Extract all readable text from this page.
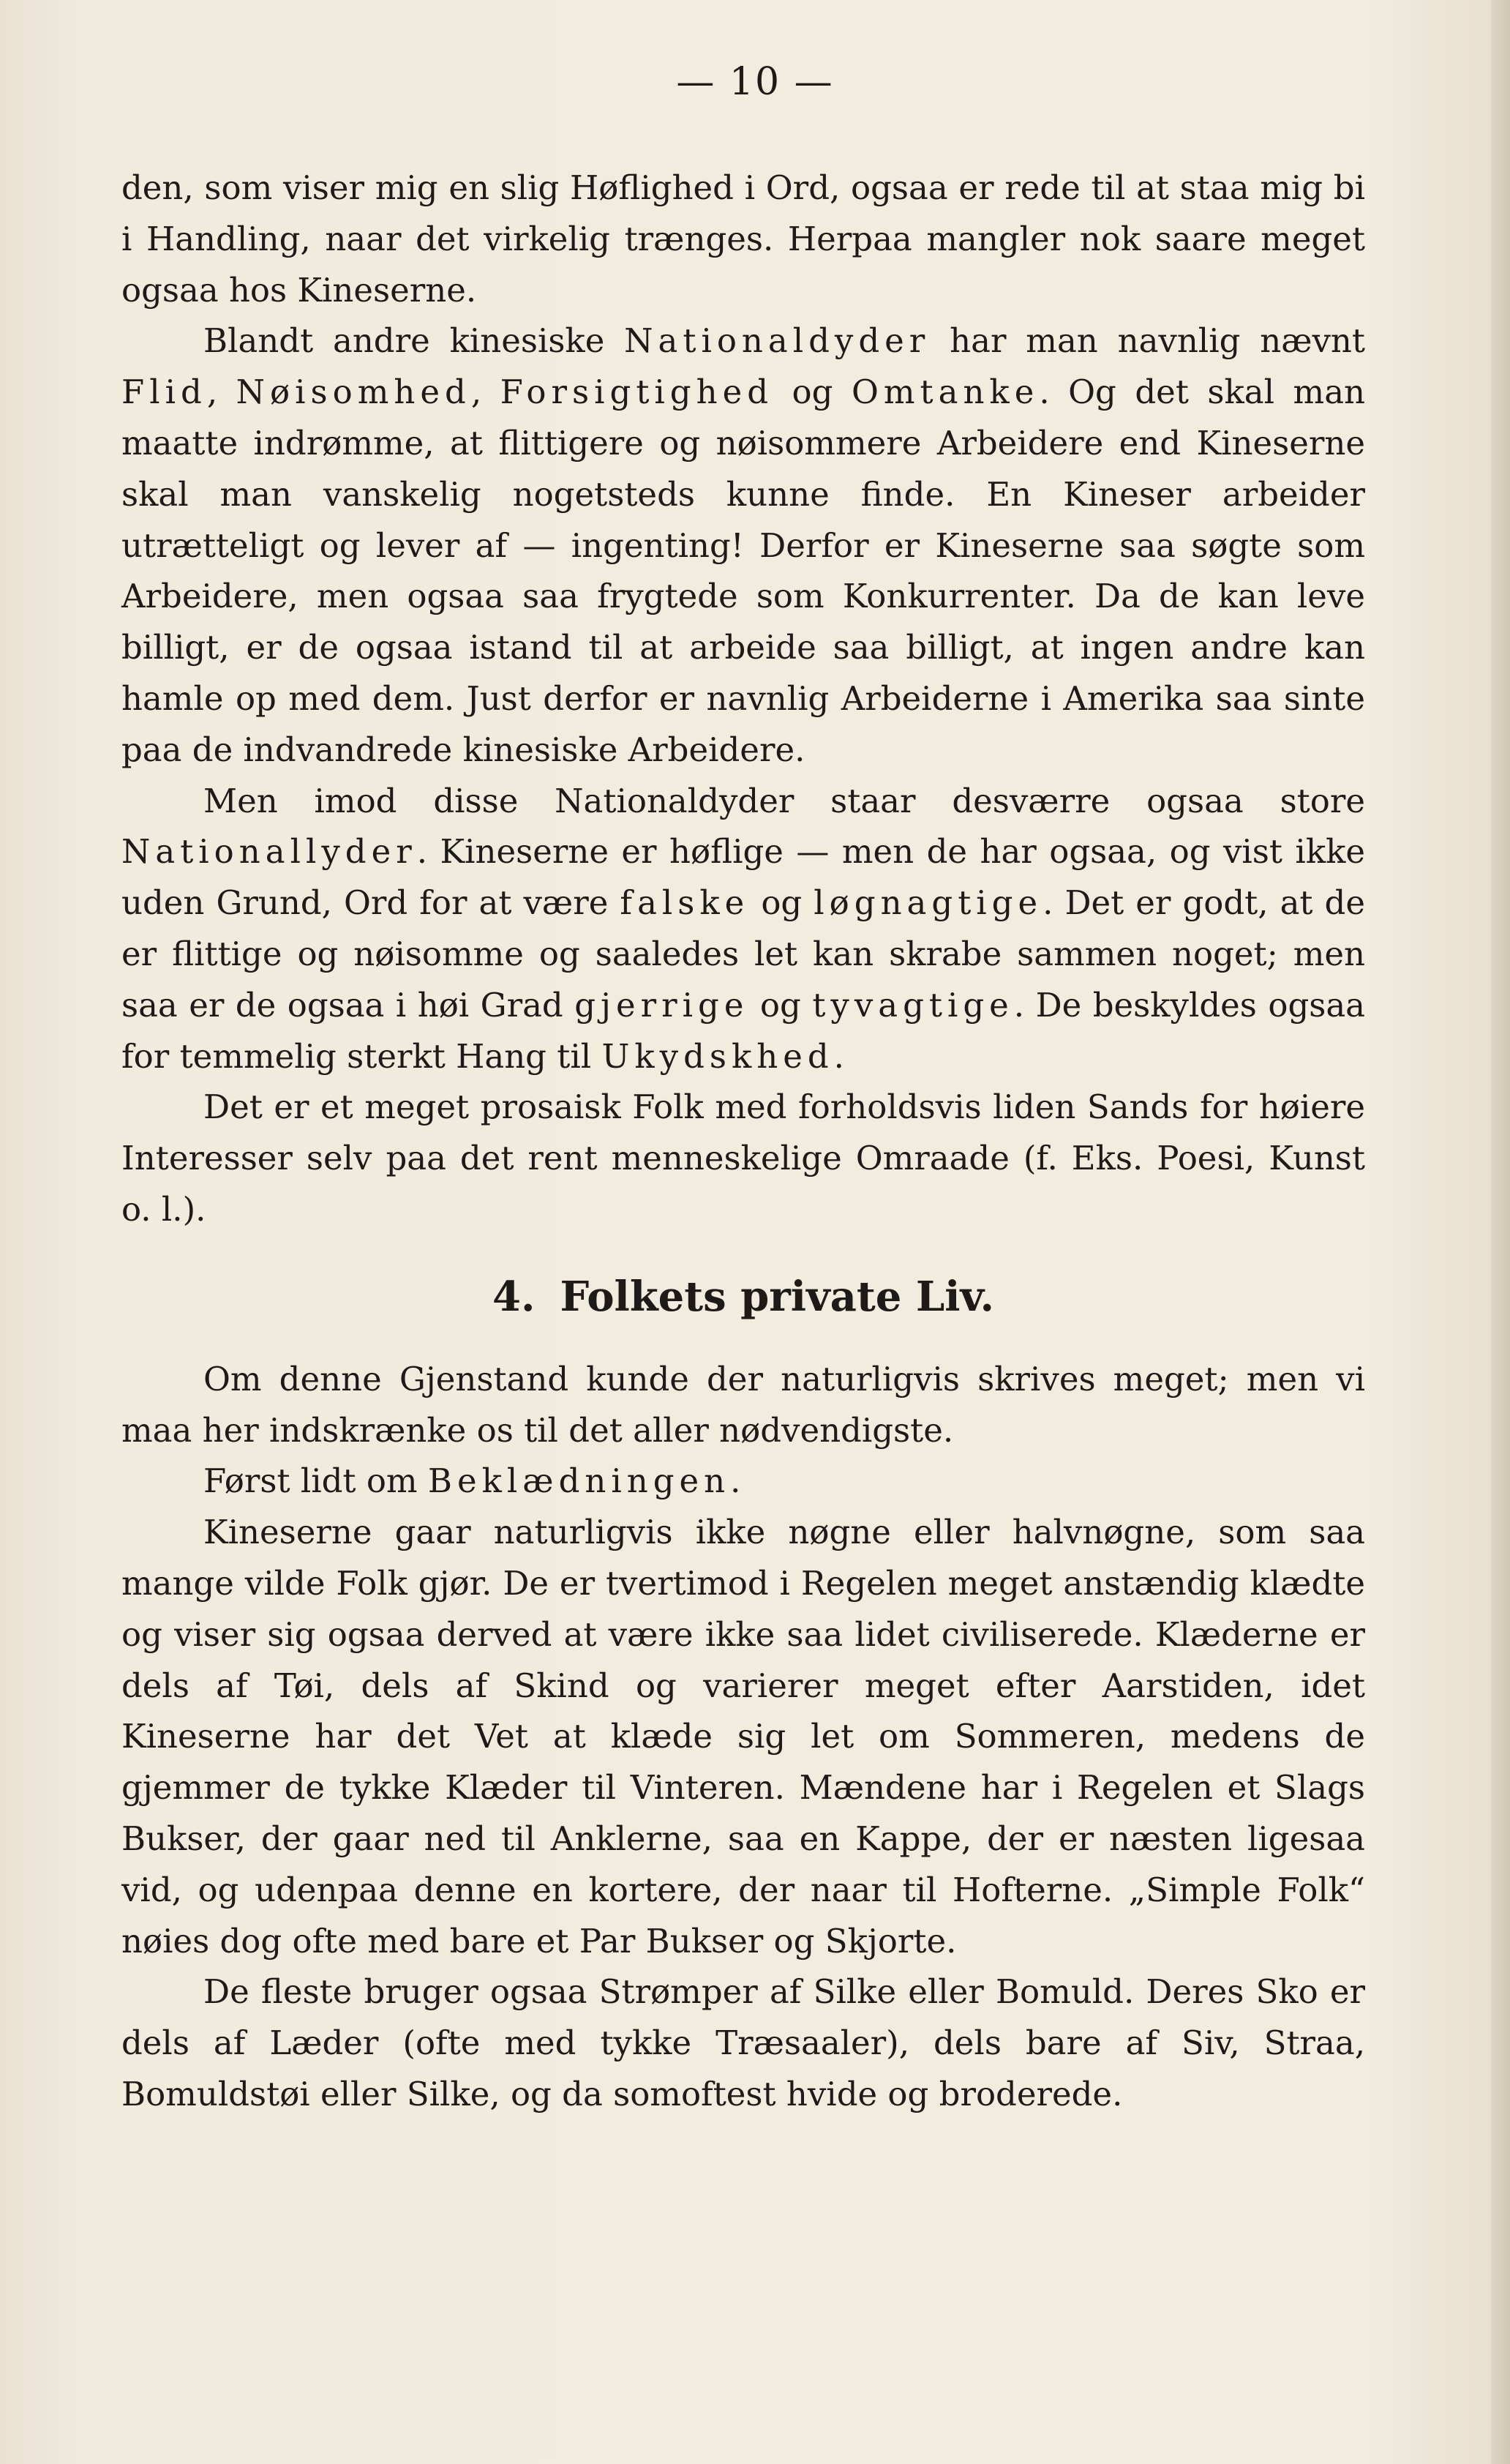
— 10 —

den, som viser mig en slig Høflighed i Ord, ogsaa er rede til at staa mig bi i Handling, naar det virkelig trænges. Herpaa mangler nok saare meget ogsaa hos Kineserne.

Blandt andre kinesiske Nationaldyder har man navnlig nævnt Flid, Nøisomhed, Forsigtighed og Omtanke. Og det skal man maatte indrømme, at flittigere og nøisommere Arbeidere end Kineserne skal man vanskelig nogetsteds kunne finde. En Kineser arbeider utrætteligt og lever af — ingenting! Derfor er Kineserne saa søgte som Arbeidere, men ogsaa saa frygtede som Konkurrenter. Da de kan leve billigt, er de ogsaa istand til at arbeide saa billigt, at ingen andre kan hamle op med dem. Just derfor er navnlig Arbeiderne i Amerika saa sinte paa de indvandrede kinesiske Arbeidere.

Men imod disse Nationaldyder staar desværre ogsaa store Nationallyder. Kineserne er høflige — men de har ogsaa, og vist ikke uden Grund, Ord for at være falske og løgnagtige. Det er godt, at de er flittige og nøisomme og saaledes let kan skrabe sammen noget; men saa er de ogsaa i høi Grad gjerrige og tyvagtige. De beskyldes ogsaa for temmelig sterkt Hang til Ukydskhed.

Det er et meget prosaisk Folk med forholdsvis liden Sands for høiere Interesser selv paa det rent menneskelige Omraade (f. Eks. Poesi, Kunst o. l.).

4. Folkets private Liv.

Om denne Gjenstand kunde der naturligvis skrives meget; men vi maa her indskrænke os til det aller nødvendigste.

Først lidt om Beklædningen.

Kineserne gaar naturligvis ikke nøgne eller halvnøgne, som saa mange vilde Folk gjør. De er tvertimod i Regelen meget anstændig klædte og viser sig ogsaa derved at være ikke saa lidet civiliserede. Klæderne er dels af Tøi, dels af Skind og varierer meget efter Aarstiden, idet Kineserne har det Vet at klæde sig let om Sommeren, medens de gjemmer de tykke Klæder til Vinteren. Mændene har i Regelen et Slags Bukser, der gaar ned til Anklerne, saa en Kappe, der er næsten ligesaa vid, og udenpaa denne en kortere, der naar til Hofterne. „Simple Folk“ nøies dog ofte med bare et Par Bukser og Skjorte.

De fleste bruger ogsaa Strømper af Silke eller Bomuld. Deres Sko er dels af Læder (ofte med tykke Træsaaler), dels bare af Siv, Straa, Bomuldstøi eller Silke, og da somoftest hvide og broderede.
